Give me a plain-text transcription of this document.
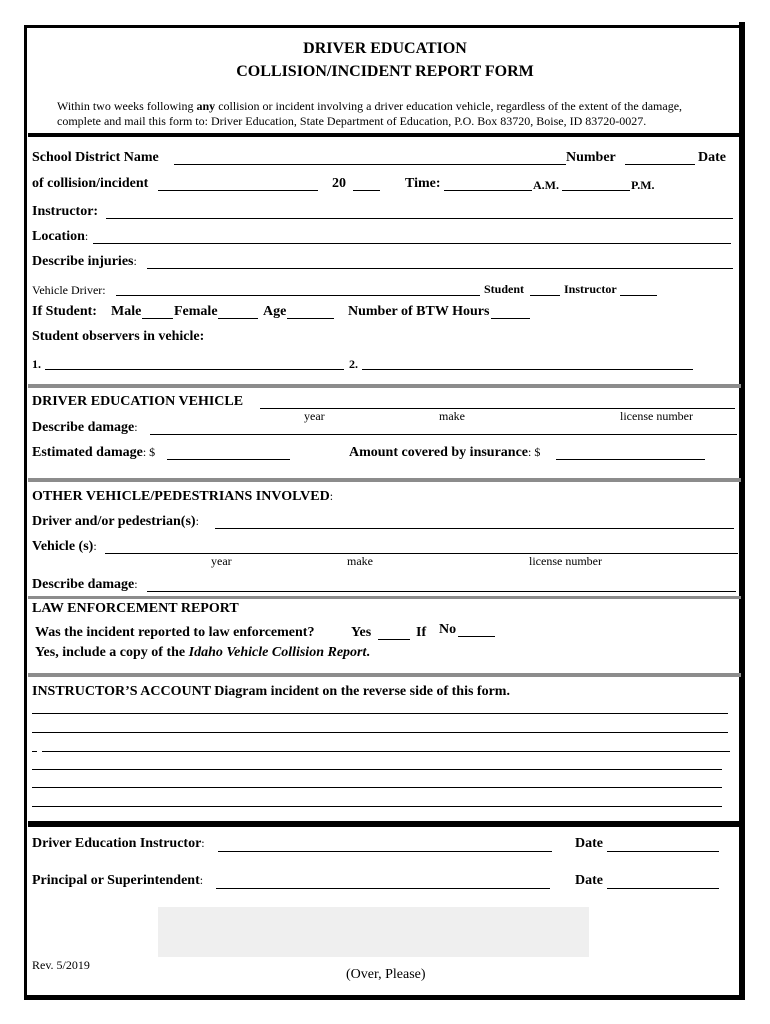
DRIVER EDUCATION
COLLISION/INCIDENT REPORT FORM
Within two weeks following any collision or incident involving a driver education vehicle, regardless of the extent of the damage,
complete and mail this form to: Driver Education, State Department of Education, P.O. Box 83720, Boise, ID 83720-0027.
School District Name	Number	Date
of collision/incident	20	Time:	A.M.	P.M.
Instructor:
Location:
Describe injuries:
Vehicle Driver:	Student	Instructor
If Student: Male Female	Age	Number of BTW Hours
Student observers in vehicle:
1.	2.
DRIVER EDUCATION VEHICLE
year	make	license number
Describe damage:
Estimated damage: $	Amount covered by insurance: $
OTHER VEHICLE/PEDESTRIANS INVOLVED:
Driver and/or pedestrian(s):
Vehicle (s):
year	make	license number
Describe damage:
LAW ENFORCEMENT REPORT
Was the incident reported to law enforcement?	Yes	If No
Yes, include a copy of the Idaho Vehicle Collision Report.
INSTRUCTOR’S ACCOUNT Diagram incident on the reverse side of this form.
Driver Education Instructor:	Date
Principal or Superintendent:	Date
Rev. 5/2019
(Over, Please)
